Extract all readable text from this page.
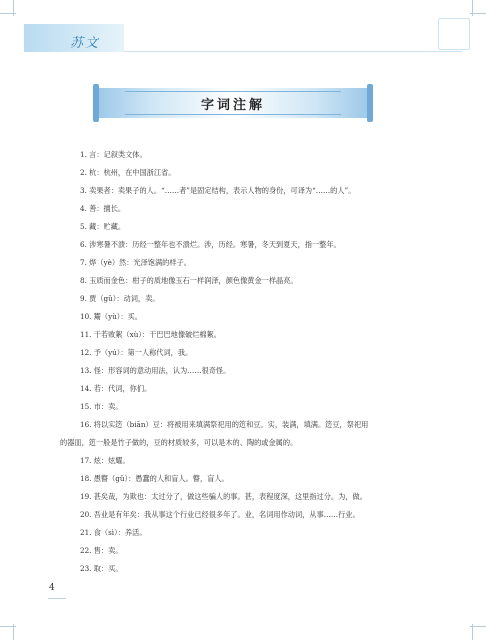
苏文
字词注解
1. 言：记叙类文体。
2. 杭：杭州，在中国浙江省。
3. 卖果者：卖果子的人。“……者”是固定结构，表示人物的身份，可译为“……的人”。
4. 善：擅长。
5. 藏：贮藏。
6. 涉寒暑不溃：历经一整年也不溃烂。涉，历经。寒暑，冬天到夏天，指一整年。
7. 烨（yè）然：光泽饱满的样子。
8. 玉质而金色：柑子的质地像玉石一样润泽，颜色像黄金一样晶亮。
9. 贾（gǔ）：动词，卖。
10. 鬻（yù）：买。
11. 干若败絮（xù）：干巴巴地像破烂棉絮。
12. 予（yú）：第一人称代词，我。
13. 怪：形容词的意动用法，认为……很奇怪。
14. 若：代词，你们。
15. 市：卖。
16. 将以实笾（biān）豆：将被用来填满祭祀用的笾和豆。实，装满，填满。笾豆，祭祀用
的器皿，笾一般是竹子做的，豆的材质较多，可以是木的、陶的或金属的。
17. 炫：炫耀。
18. 愚瞽（gǔ）：愚蠢的人和盲人。瞽，盲人。
19. 甚矣哉，为欺也：太过分了，做这些骗人的事。甚，表程度深，这里指过分。为，做。
20. 吾业是有年矣：我从事这个行业已经很多年了。业，名词用作动词，从事……行业。
21. 食（sì）：养活。
22. 售：卖。
23. 取：买。
4
